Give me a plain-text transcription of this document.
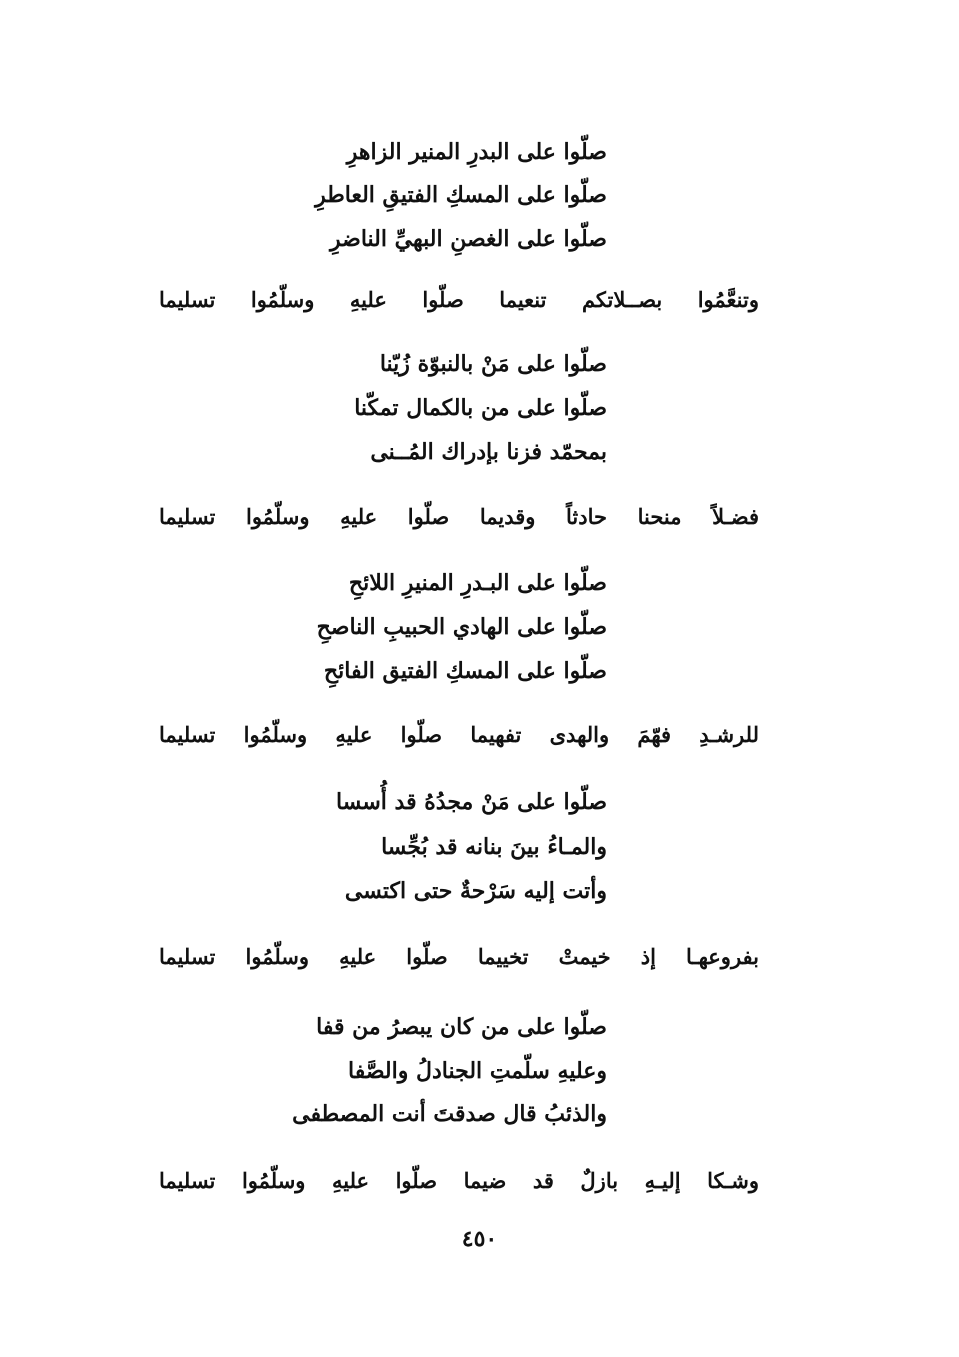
صلّوا على البدرِ المنير الزاهرِ
صلّوا على المسكِ الفتيقِ العاطرِ
صلّوا على الغصنِ البهيِّ الناضرِ
وتنعَّمُوا بصــلاتكم تنعيما صلّوا عليهِ وسلّمُوا تسليما
صلّوا على مَنْ بالنبوّة زُيّنا
صلّوا على من بالكمال تمكّنا
بمحمّد فزنا بإدراك المُــنى
فضـلاً منحنا حادثاً وقديما صلّوا عليهِ وسلّمُوا تسليما
صلّوا على البـدرِ المنيرِ اللائحِ
صلّوا على الهادي الحبيبِ الناصحِ
صلّوا على المسكِ الفتيق الفائحِ
للرشـدِ فهّمَ والهدى تفهيما صلّوا عليهِ وسلّمُوا تسليما
صلّوا على مَنْ مجدُهُ قد أُسسا
والمـاءُ بينَ بنانه قد بُجِّسا
وأتت إليه سَرْحةٌ حتى اكتسى
بفروعهـا إذ خيمتْ تخييما صلّوا عليهِ وسلّمُوا تسليما
صلّوا على من كان يبصرُ من قفا
وعليهِ سلّمتِ الجنادلُ والصَّفا
والذئبُ قال صدقتَ أنت المصطفى
وشـكا إليـهِ بازلٌ قد ضيما صلّوا عليهِ وسلّمُوا تسليما
٤٥٠
